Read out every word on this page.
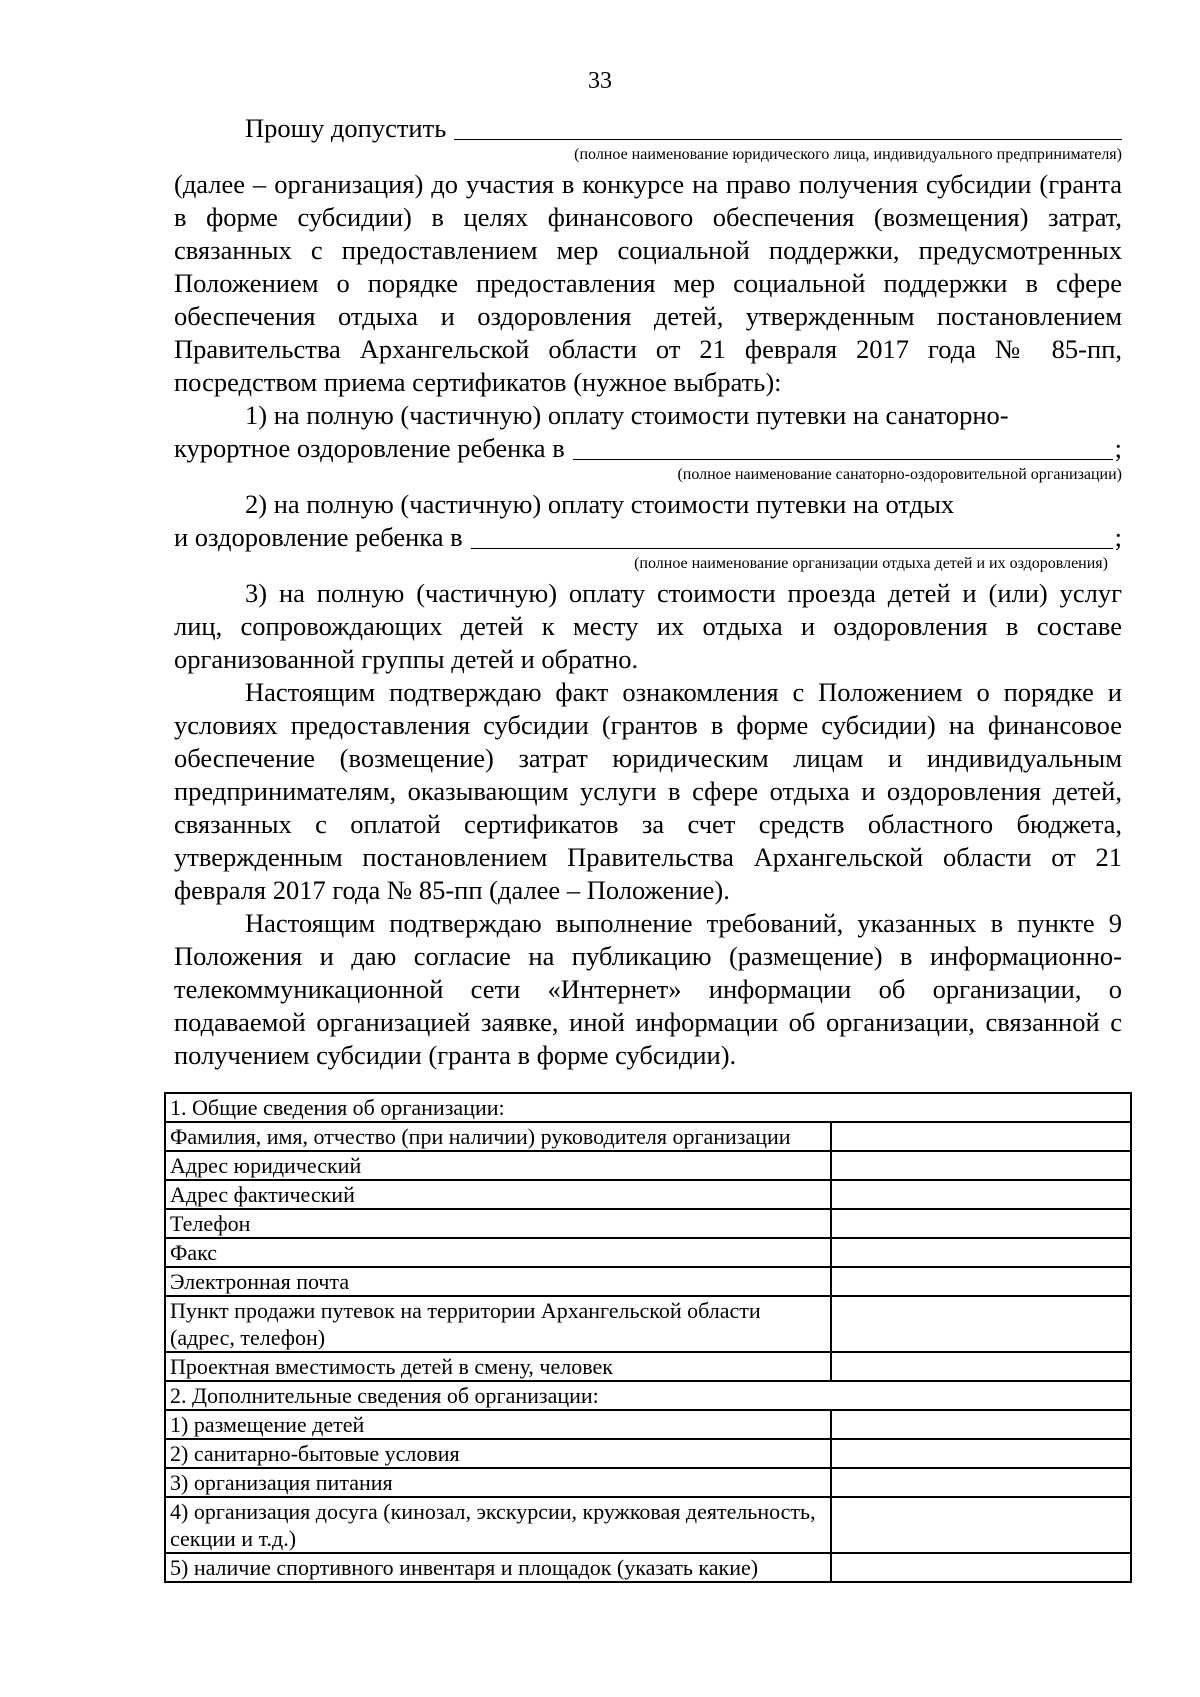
33
Прошу допустить
(полное наименование юридического лица, индивидуального предпринимателя)

(далее – организация) до участия в конкурсе на право получения субсидии (гранта в форме субсидии) в целях финансового обеспечения (возмещения) затрат, связанных с предоставлением мер социальной поддержки, предусмотренных Положением о порядке предоставления мер социальной поддержки в сфере обеспечения отдыха и оздоровления детей, утвержденным постановлением Правительства Архангельской области от 21 февраля 2017 года № 85-пп, посредством приема сертификатов (нужное выбрать):

1) на полную (частичную) оплату стоимости путевки на санаторно-

курортное оздоровление ребенка в	;
(полное наименование санаторно-оздоровительной организации)

2) на полную (частичную) оплату стоимости путевки на отдых

и оздоровление ребенка в	;
(полное наименование организации отдыха детей и их оздоровления)

3) на полную (частичную) оплату стоимости проезда детей и (или) услуг лиц, сопровождающих детей к месту их отдыха и оздоровления в составе организованной группы детей и обратно.

Настоящим подтверждаю факт ознакомления с Положением о порядке и условиях предоставления субсидии (грантов в форме субсидии) на финансовое обеспечение (возмещение) затрат юридическим лицам и индивидуальным предпринимателям, оказывающим услуги в сфере отдыха и оздоровления детей, связанных с оплатой сертификатов за счет средств областного бюджета, утвержденным постановлением Правительства Архангельской области от 21 февраля 2017 года № 85-пп (далее – Положение).

Настоящим подтверждаю выполнение требований, указанных в пункте 9 Положения и даю согласие на публикацию (размещение) в информационно-телекоммуникационной сети «Интернет» информации об организации, о подаваемой организацией заявке, иной информации об организации, связанной с получением субсидии (гранта в форме субсидии).

1. Общие сведения об организации:	
Фамилия, имя, отчество (при наличии) руководителя организации	
Адрес юридический	
Адрес фактический	
Телефон	
Факс	
Электронная почта	
Пункт продажи путевок на территории Архангельской области (адрес, телефон)	
Проектная вместимость детей в смену, человек	
2. Дополнительные сведения об организации:	
1) размещение детей	
2) санитарно-бытовые условия	
3) организация питания	
4) организация досуга (кинозал, экскурсии, кружковая деятельность, секции и т.д.)	
5) наличие спортивного инвентаря и площадок (указать какие)	
